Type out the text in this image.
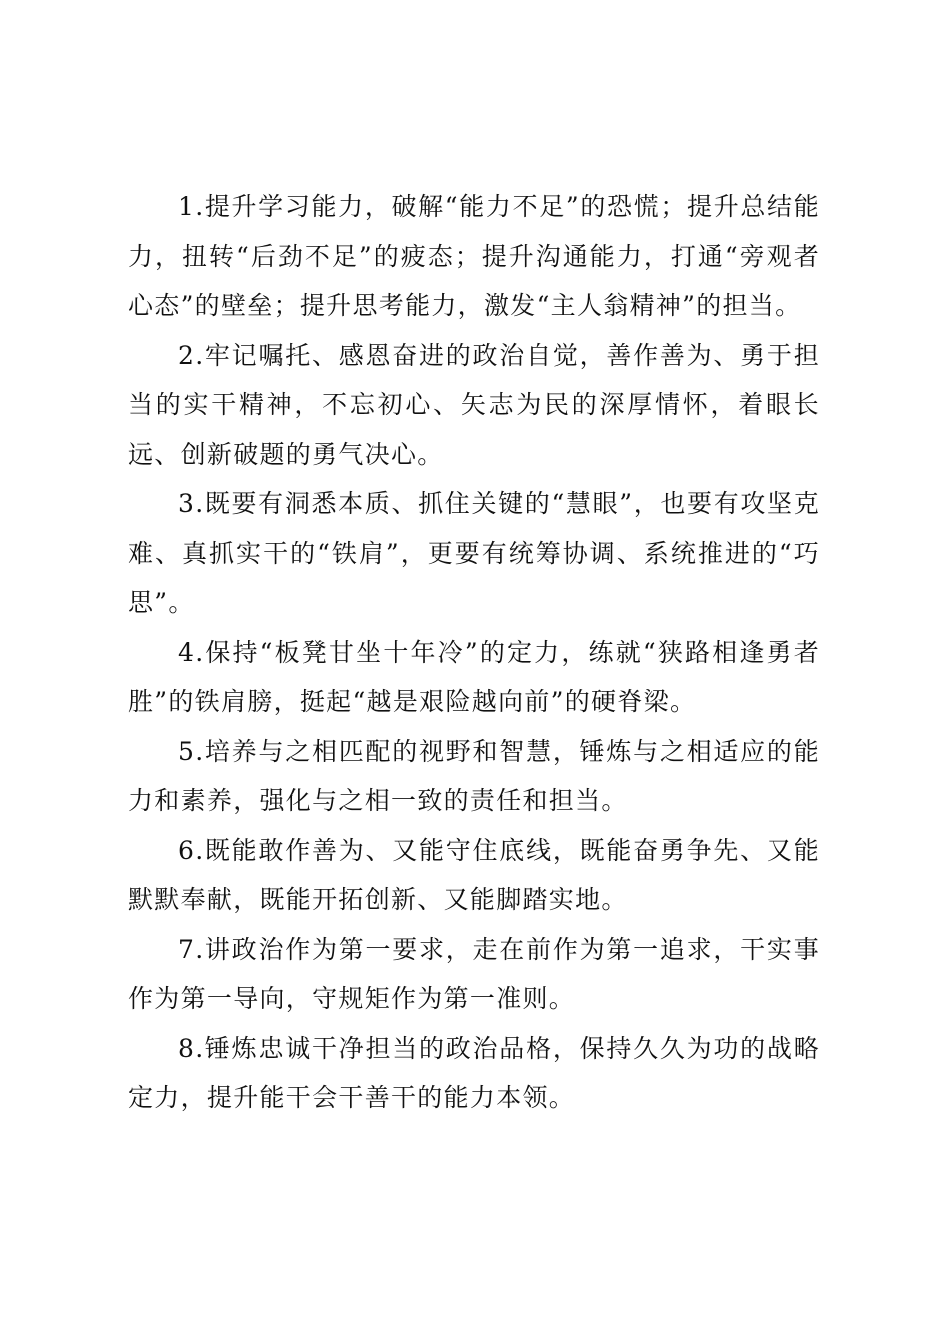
1.提升学习能力，破解“能力不足”的恐慌；提升总结能力，扭转“后劲不足”的疲态；提升沟通能力，打通“旁观者心态”的壁垒；提升思考能力，激发“主人翁精神”的担当。

2.牢记嘱托、感恩奋进的政治自觉，善作善为、勇于担当的实干精神，不忘初心、矢志为民的深厚情怀，着眼长远、创新破题的勇气决心。

3.既要有洞悉本质、抓住关键的“慧眼”，也要有攻坚克难、真抓实干的“铁肩”，更要有统筹协调、系统推进的“巧思”。

4.保持“板凳甘坐十年冷”的定力，练就“狭路相逢勇者胜”的铁肩膀，挺起“越是艰险越向前”的硬脊梁。

5.培养与之相匹配的视野和智慧，锤炼与之相适应的能力和素养，强化与之相一致的责任和担当。

6.既能敢作善为、又能守住底线，既能奋勇争先、又能默默奉献，既能开拓创新、又能脚踏实地。

7.讲政治作为第一要求，走在前作为第一追求，干实事作为第一导向，守规矩作为第一准则。

8.锤炼忠诚干净担当的政治品格，保持久久为功的战略定力，提升能干会干善干的能力本领。
